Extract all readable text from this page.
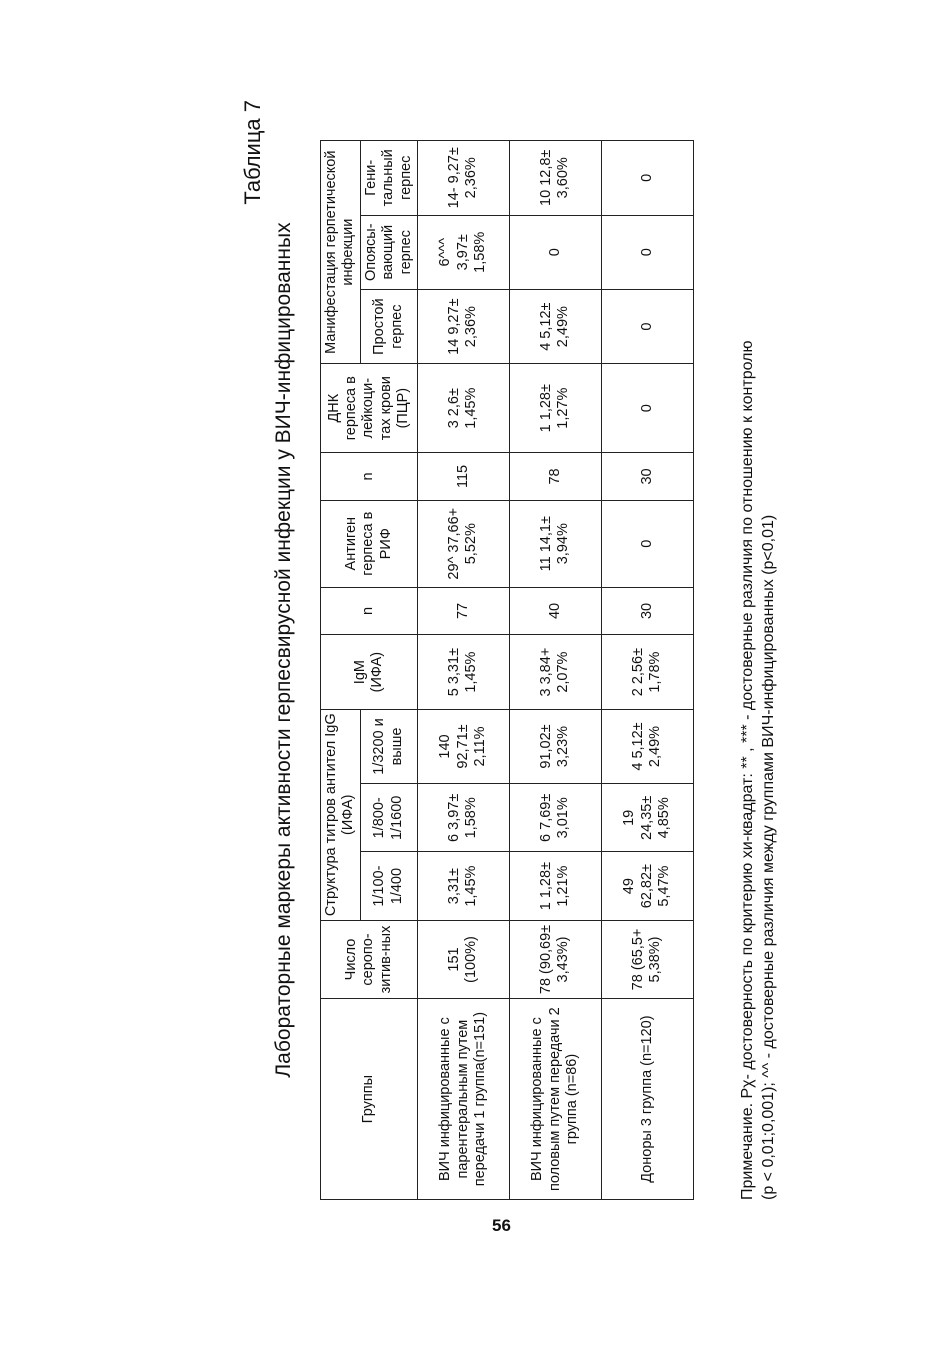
56
Таблица 7
Лабораторные маркеры активности герпесвирусной инфекции у ВИЧ-инфицированных
Группы	Число серопо-зитив-ных	Структура титров антител IgG (ИФА)			IgM (ИФА)	n	Антиген герпеса в РИФ	n	ДНК герпеса в лейкоци-тах крови (ПЦР)	Манифестация герпетической инфекции		
		1/100-1/400	1/800-1/1600	1/3200 и выше						Простой герпес	Опоясы-вающий герпес	Гени-тальный герпес
ВИЧ инфицированные с парентеральным путем передачи 1 группа(n=151)	151 (100%)	3,31± 1,45%	6 3,97± 1,58%	140 92,71± 2,11%	5 3,31± 1,45%	77	29^ 37,66+ 5,52%	115	3 2,6± 1,45%	14 9,27± 2,36%	6^^^ 3,97± 1,58%	14- 9,27± 2,36%
ВИЧ инфицированные с половым путем передачи 2 группа (n=86)	78 (90,69± 3,43%)	1 1,28± 1,21%	6 7,69± 3,01%	91,02± 3,23%	3 3,84+ 2,07%	40	11 14,1± 3,94%	78	1 1,28± 1,27%	4 5,12± 2,49%	0	10 12,8± 3,60%
Доноры 3 группа (n=120)	78 (65,5+ 5,38%)	49 62,82± 5,47%	19 24,35± 4,85%	4 5,12± 2,49%	2 2,56± 1,78%	30	0	30	0	0	0	0

Примечание. Pχ- достоверность по критерию хи-квадрат: ** , *** - достоверные различия по отношению к контролю (р < 0,01;0,001); ^^ - достоверные различия между группами ВИЧ-инфицированных (р<0,01)
